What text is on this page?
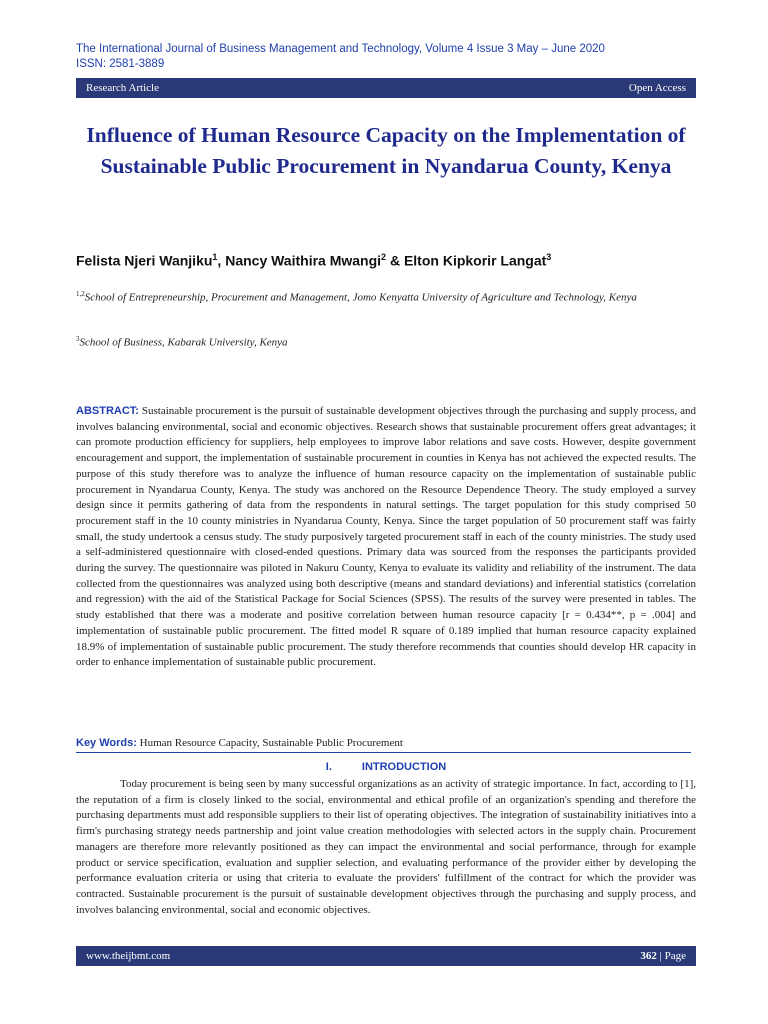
The International Journal of Business Management and Technology, Volume 4 Issue 3 May – June 2020
ISSN: 2581-3889
Research Article	Open Access
Influence of Human Resource Capacity on the Implementation of Sustainable Public Procurement in Nyandarua County, Kenya
Felista Njeri Wanjiku$^1$, Nancy Waithira Mwangi$^2$ & Elton Kipkorir Langat$^3$
$^{1,2}$School of Entrepreneurship, Procurement and Management, Jomo Kenyatta University of Agriculture and Technology, Kenya
$^3$School of Business, Kabarak University, Kenya
ABSTRACT: Sustainable procurement is the pursuit of sustainable development objectives through the purchasing and supply process, and involves balancing environmental, social and economic objectives. Research shows that sustainable procurement offers great advantages; it can promote production efficiency for suppliers, help employees to improve labor relations and save costs. However, despite government encouragement and support, the implementation of sustainable procurement in counties in Kenya has not achieved the expected results. The purpose of this study therefore was to analyze the influence of human resource capacity on the implementation of sustainable public procurement in Nyandarua County, Kenya. The study was anchored on the Resource Dependence Theory. The study employed a survey design since it permits gathering of data from the respondents in natural settings. The target population for this study comprised 50 procurement staff in the 10 county ministries in Nyandarua County, Kenya. Since the target population of 50 procurement staff was fairly small, the study undertook a census study. The study purposively targeted procurement staff in each of the county ministries. The study used a self-administered questionnaire with closed-ended questions. Primary data was sourced from the responses the participants provided during the survey. The questionnaire was piloted in Nakuru County, Kenya to evaluate its validity and reliability of the instrument. The data collected from the questionnaires was analyzed using both descriptive (means and standard deviations) and inferential statistics (correlation and regression) with the aid of the Statistical Package for Social Sciences (SPSS). The results of the survey were presented in tables. The study established that there was a moderate and positive correlation between human resource capacity [r = 0.434**, p = .004] and implementation of sustainable public procurement. The fitted model R square of 0.189 implied that human resource capacity explained 18.9% of implementation of sustainable public procurement. The study therefore recommends that counties should develop HR capacity in order to enhance implementation of sustainable public procurement.
Key Words: Human Resource Capacity, Sustainable Public Procurement
I.	INTRODUCTION
Today procurement is being seen by many successful organizations as an activity of strategic importance. In fact, according to [1], the reputation of a firm is closely linked to the social, environmental and ethical profile of an organization's spending and therefore the purchasing departments must add responsible suppliers to their list of operating objectives. The integration of sustainability initiatives into a firm's purchasing strategy needs partnership and joint value creation methodologies with selected actors in the supply chain. Procurement managers are therefore more relevantly positioned as they can impact the environmental and social performance, through for example product or service specification, evaluation and supplier selection, and evaluating performance of the provider either by developing the performance evaluation criteria or using that criteria to evaluate the providers' fulfillment of the contract for which the provider was contracted. Sustainable procurement is the pursuit of sustainable development objectives through the purchasing and supply process, and involves balancing environmental, social and economic objectives.
www.theijbmt.com	362 | Page
